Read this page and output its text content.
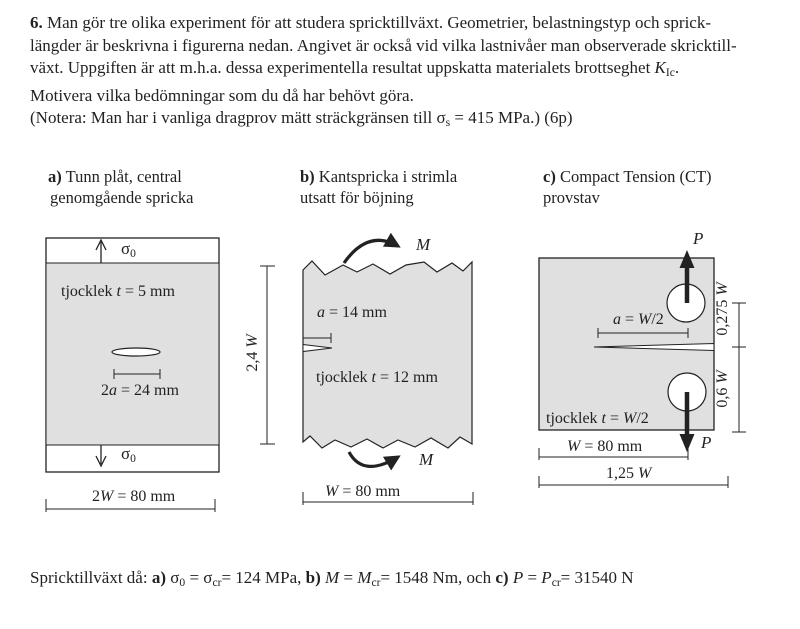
6. Man gör tre olika experiment för att studera spricktillväxt. Geometrier, belastningstyp och sprick-
längder är beskrivna i figurerna nedan. Angivet är också vid vilka lastnivåer man observerade skricktill-
växt. Uppgiften är att m.h.a. dessa experimentella resultat uppskatta materialets brottseghet KIc.
Motivera vilka bedömningar som du då har behövt göra.
(Notera: Man har i vanliga dragprov mätt sträckgränsen till σs = 415 MPa.) (6p)
a) Tunn plåt, central
genomgående spricka
σ0
tjocklek t = 5 mm
2a = 24 mm
σ0
2W = 80 mm
b) Kantspricka i strimla
utsatt för böjning
M
2,4 W
a = 14 mm
tjocklek t = 12 mm
M
W = 80 mm
c) Compact Tension (CT)
provstav
P
a = W/2	0,275 W
0,6 W
tjocklek t = W/2
P
W = 80 mm
1,25 W
Spricktillväxt då: a) σ0 = σcr= 124 MPa, b) M = Mcr= 1548 Nm, och c) P = Pcr= 31540 N
